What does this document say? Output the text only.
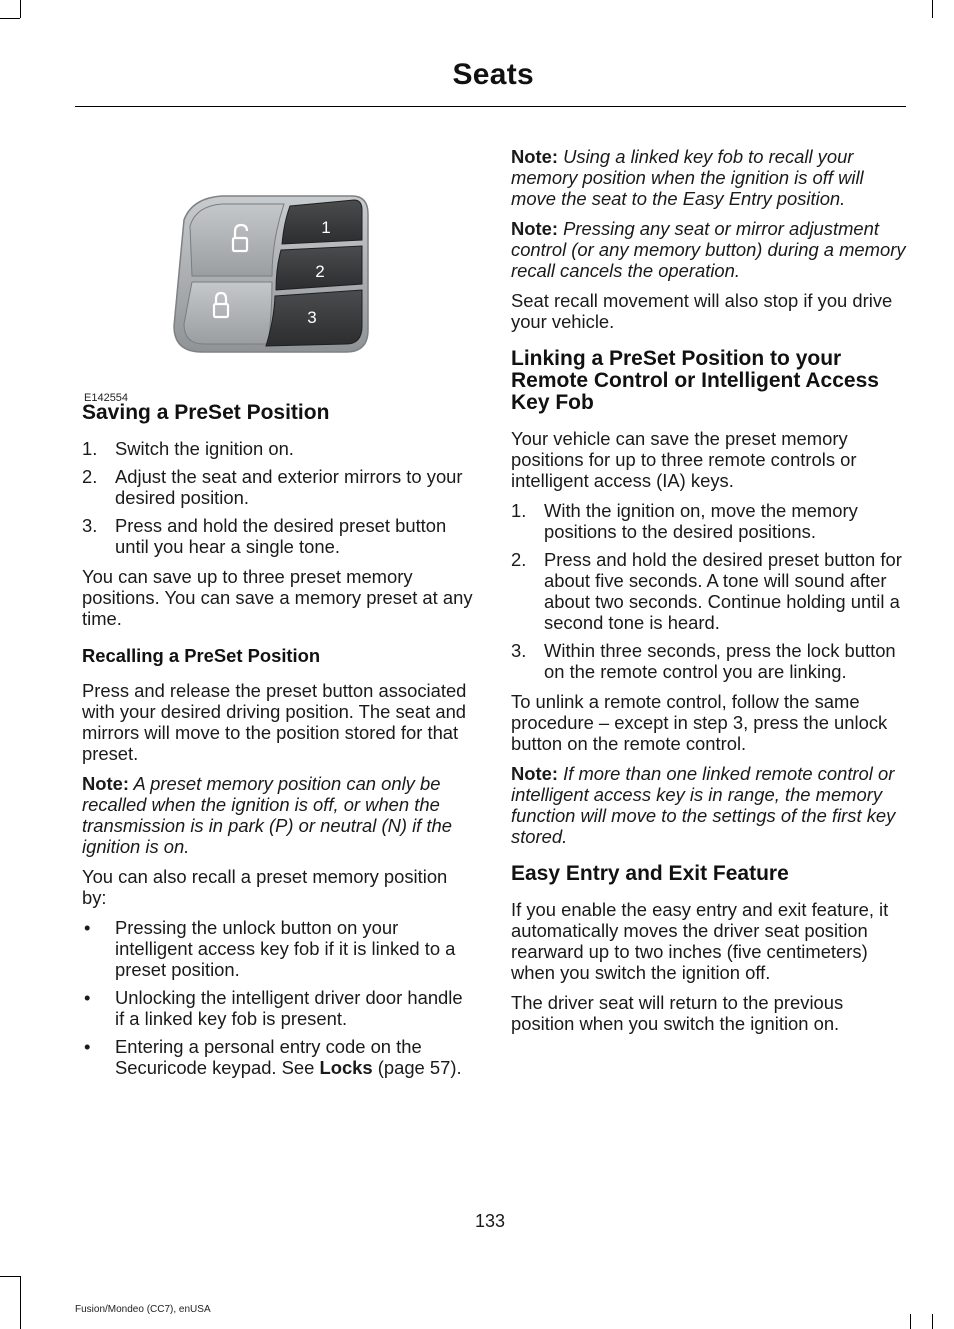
Seats
1
2
3
E142554
Saving a PreSet Position
1. Switch the ignition on.
2. Adjust the seat and exterior mirrors to your desired position.
3. Press and hold the desired preset button until you hear a single tone.

You can save up to three preset memory positions. You can save a memory preset at any time.

Recalling a PreSet Position

Press and release the preset button associated with your desired driving position. The seat and mirrors will move to the position stored for that preset.

Note: A preset memory position can only be recalled when the ignition is off, or when the transmission is in park (P) or neutral (N) if the ignition is on.

You can also recall a preset memory position by:

• Pressing the unlock button on your intelligent access key fob if it is linked to a preset position.
• Unlocking the intelligent driver door handle if a linked key fob is present.
• Entering a personal entry code on the Securicode keypad. See Locks (page 57).

Note: Using a linked key fob to recall your memory position when the ignition is off will move the seat to the Easy Entry position.

Note: Pressing any seat or mirror adjustment control (or any memory button) during a memory recall cancels the operation.

Seat recall movement will also stop if you drive your vehicle.

Linking a PreSet Position to your Remote Control or Intelligent Access Key Fob

Your vehicle can save the preset memory positions for up to three remote controls or intelligent access (IA) keys.

1. With the ignition on, move the memory positions to the desired positions.
2. Press and hold the desired preset button for about five seconds. A tone will sound after about two seconds. Continue holding until a second tone is heard.
3. Within three seconds, press the lock button on the remote control you are linking.

To unlink a remote control, follow the same procedure – except in step 3, press the unlock button on the remote control.

Note: If more than one linked remote control or intelligent access key is in range, the memory function will move to the settings of the first key stored.

Easy Entry and Exit Feature

If you enable the easy entry and exit feature, it automatically moves the driver seat position rearward up to two inches (five centimeters) when you switch the ignition off.

The driver seat will return to the previous position when you switch the ignition on.

133
Fusion/Mondeo (CC7), enUSA
